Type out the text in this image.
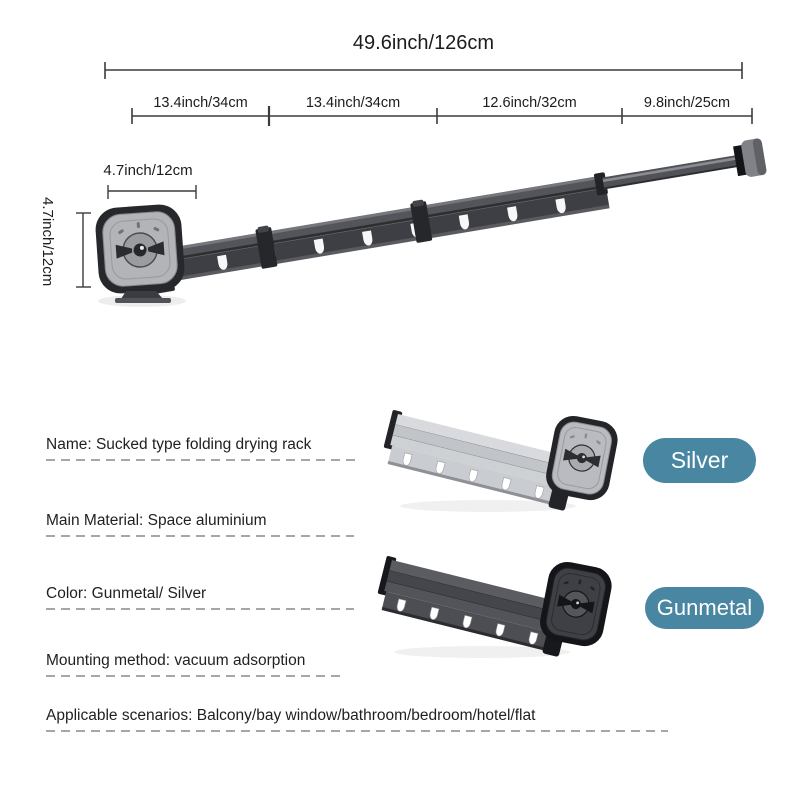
49.6inch/126cm
13.4inch/34cm	13.4inch/34cm	12.6inch/32cm	9.8inch/25cm
4.7inch/12cm
4.7inch/12cm
Name: Sucked type folding drying rack
Main Material: Space aluminium
Color: Gunmetal/ Silver
Mounting method: vacuum adsorption
Applicable scenarios: Balcony/bay window/bathroom/bedroom/hotel/flat
Silver
Gunmetal
